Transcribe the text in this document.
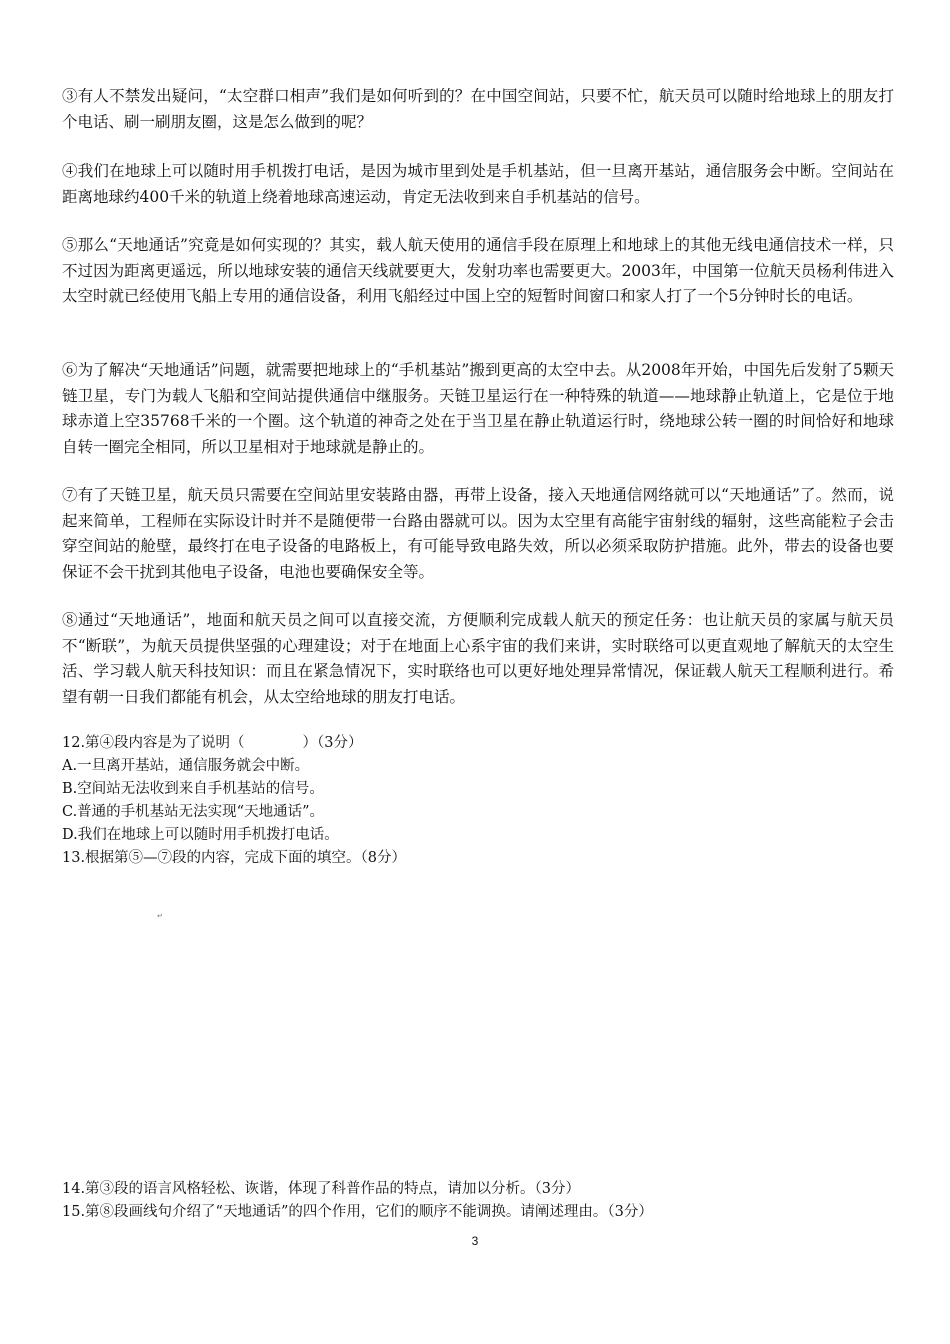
③有人不禁发出疑问，“太空群口相声”我们是如何听到的？在中国空间站，只要不忙，航天员可以随时给地球上的朋友打个电话、刷一刷朋友圈，这是怎么做到的呢？

④我们在地球上可以随时用手机拨打电话，是因为城市里到处是手机基站，但一旦离开基站，通信服务会中断。空间站在距离地球约400千米的轨道上绕着地球高速运动，肯定无法收到来自手机基站的信号。

⑤那么“天地通话”究竟是如何实现的？其实，载人航天使用的通信手段在原理上和地球上的其他无线电通信技术一样，只不过因为距离更遥远，所以地球安装的通信天线就要更大，发射功率也需要更大。2003年，中国第一位航天员杨利伟进入太空时就已经使用飞船上专用的通信设备，利用飞船经过中国上空的短暂时间窗口和家人打了一个5分钟时长的电话。

⑥为了解决“天地通话”问题，就需要把地球上的“手机基站”搬到更高的太空中去。从2008年开始，中国先后发射了5颗天链卫星，专门为载人飞船和空间站提供通信中继服务。天链卫星运行在一种特殊的轨道——地球静止轨道上，它是位于地球赤道上空35768千米的一个圈。这个轨道的神奇之处在于当卫星在静止轨道运行时，绕地球公转一圈的时间恰好和地球自转一圈完全相同，所以卫星相对于地球就是静止的。

⑦有了天链卫星，航天员只需要在空间站里安装路由器，再带上设备，接入天地通信网络就可以“天地通话”了。然而，说起来简单，工程师在实际设计时并不是随便带一台路由器就可以。因为太空里有高能宇宙射线的辐射，这些高能粒子会击穿空间站的舱壁，最终打在电子设备的电路板上，有可能导致电路失效，所以必须采取防护措施。此外，带去的设备也要保证不会干扰到其他电子设备，电池也要确保安全等。

⑧通过“天地通话”，地面和航天员之间可以直接交流，方便顺利完成载人航天的预定任务：也让航天员的家属与航天员不“断联”，为航天员提供坚强的心理建设；对于在地面上心系宇宙的我们来讲，实时联络可以更直观地了解航天的太空生活、学习载人航天科技知识：而且在紧急情况下，实时联络也可以更好地处理异常情况，保证载人航天工程顺利进行。希望有朝一日我们都能有机会，从太空给地球的朋友打电话。

12.第④段内容是为了说明（　　　　）（3分）
A.一旦离开基站，通信服务就会中断。
B.空间站无法收到来自手机基站的信号。
C.普通的手机基站无法实现“天地通话”。
D.我们在地球上可以随时用手机拨打电话。
13.根据第⑤—⑦段的内容，完成下面的填空。（8分）
↵
14.第③段的语言风格轻松、诙谐，体现了科普作品的特点，请加以分析。（3分）
15.第⑧段画线句介绍了“天地通话”的四个作用，它们的顺序不能调换。请阐述理由。（3分）
3
